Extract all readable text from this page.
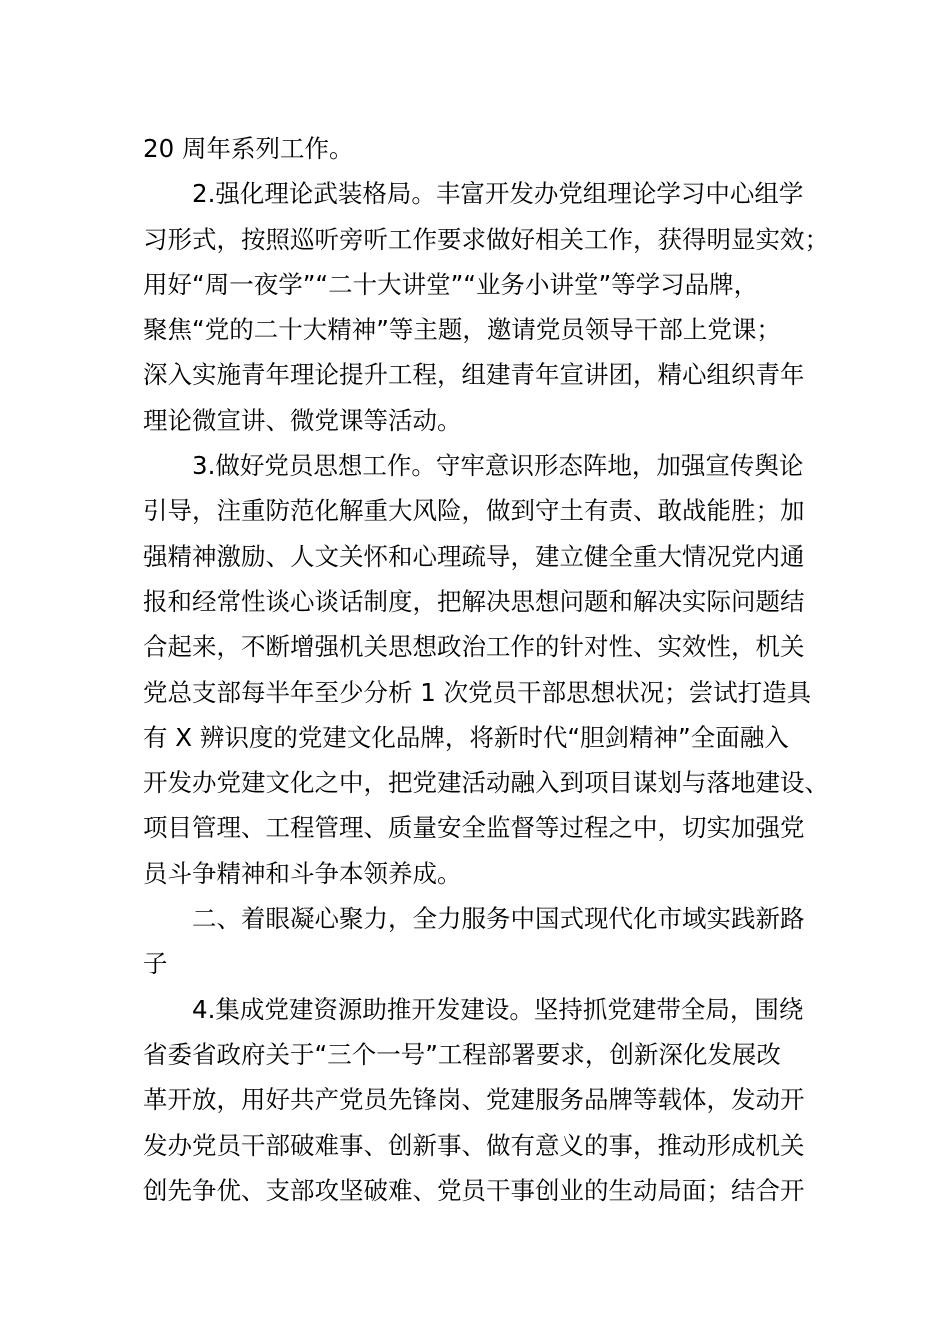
20 周年系列工作。
2.强化理论武装格局。丰富开发办党组理论学习中心组学
习形式，按照巡听旁听工作要求做好相关工作，获得明显实效；
用好“周一夜学”“二十大讲堂”“业务小讲堂”等学习品牌，
聚焦“党的二十大精神”等主题，邀请党员领导干部上党课；
深入实施青年理论提升工程，组建青年宣讲团，精心组织青年
理论微宣讲、微党课等活动。
3.做好党员思想工作。守牢意识形态阵地，加强宣传舆论
引导，注重防范化解重大风险，做到守土有责、敢战能胜；加
强精神激励、人文关怀和心理疏导，建立健全重大情况党内通
报和经常性谈心谈话制度，把解决思想问题和解决实际问题结
合起来，不断增强机关思想政治工作的针对性、实效性，机关
党总支部每半年至少分析 1 次党员干部思想状况；尝试打造具
有 X 辨识度的党建文化品牌，将新时代“胆剑精神”全面融入
开发办党建文化之中，把党建活动融入到项目谋划与落地建设、
项目管理、工程管理、质量安全监督等过程之中，切实加强党
员斗争精神和斗争本领养成。
二、着眼凝心聚力，全力服务中国式现代化市域实践新路
子
4.集成党建资源助推开发建设。坚持抓党建带全局，围绕
省委省政府关于“三个一号”工程部署要求，创新深化发展改
革开放，用好共产党员先锋岗、党建服务品牌等载体，发动开
发办党员干部破难事、创新事、做有意义的事，推动形成机关
创先争优、支部攻坚破难、党员干事创业的生动局面；结合开
